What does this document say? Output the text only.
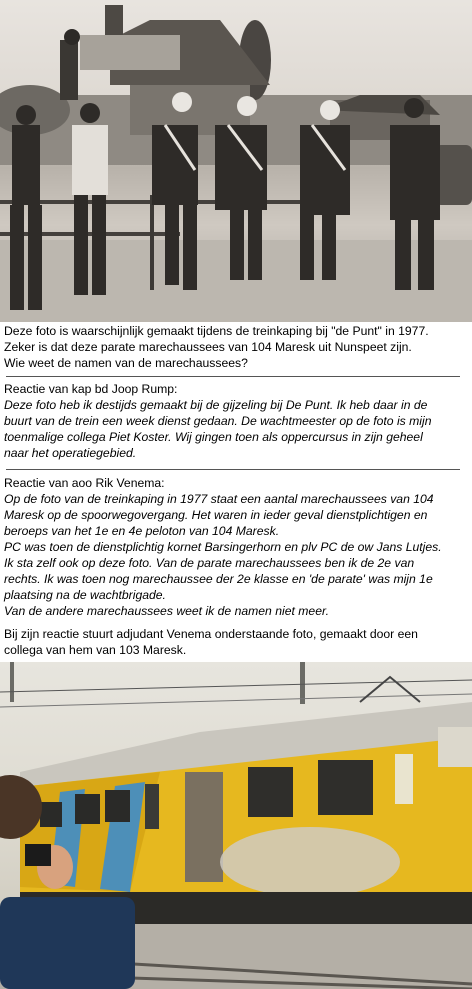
Deze foto is waarschijnlijk gemaakt tijdens de treinkaping bij "de Punt" in 1977.

Zeker is dat deze parate marechaussees van 104 Maresk uit Nunspeet zijn.

Wie weet de namen van de marechaussees?

Reactie van kap bd Joop Rump:

Deze foto heb ik destijds gemaakt bij de gijzeling bij De Punt. Ik heb daar in de

buurt van de trein een week dienst gedaan. De wachtmeester op de foto is mijn

toenmalige collega Piet Koster. Wij gingen toen als oppercursus in zijn geheel

naar het operatiegebied.

Reactie van aoo Rik Venema:

Op de foto van de treinkaping in 1977 staat een aantal marechaussees van 104

Maresk op de spoorwegovergang. Het waren in ieder geval dienstplichtigen en

beroeps van het 1e en 4e peloton van 104 Maresk.

PC was toen de dienstplichtig kornet Barsingerhorn en plv PC de ow Jans Lutjes.

Ik sta zelf ook op deze foto. Van de parate marechaussees ben ik de 2e van

rechts. Ik was toen nog marechaussee der 2e klasse en 'de parate' was mijn 1e

plaatsing na de wachtbrigade.

Van de andere marechaussees weet ik de namen niet meer.

Bij zijn reactie stuurt adjudant Venema onderstaande foto, gemaakt door een

collega van hem van 103 Maresk.
